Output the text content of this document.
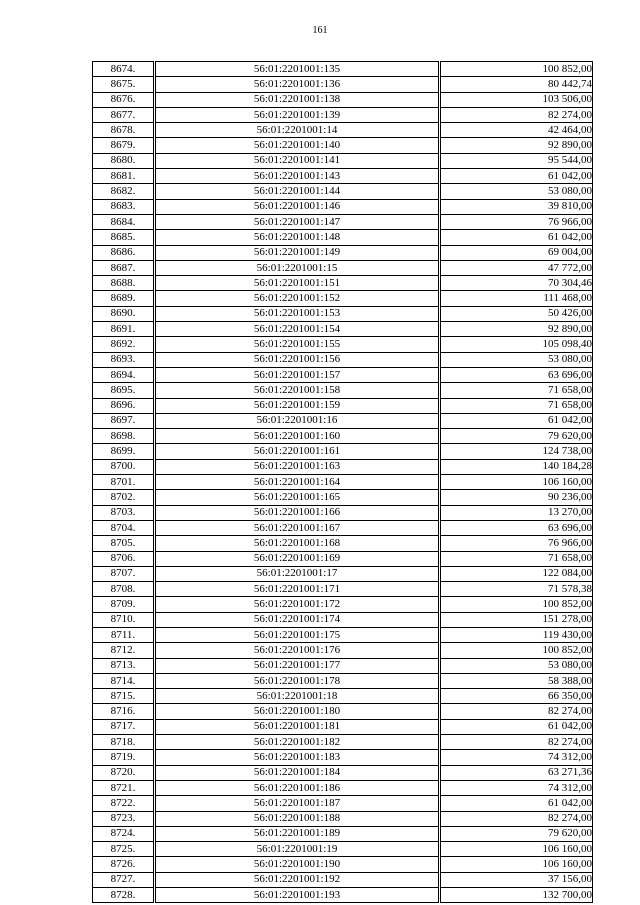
161
8674.		56:01:2201001:135		100 852,00
8675.		56:01:2201001:136		80 442,74
8676.		56:01:2201001:138		103 506,00
8677.		56:01:2201001:139		82 274,00
8678.		56:01:2201001:14		42 464,00
8679.		56:01:2201001:140		92 890,00
8680.		56:01:2201001:141		95 544,00
8681.		56:01:2201001:143		61 042,00
8682.		56:01:2201001:144		53 080,00
8683.		56:01:2201001:146		39 810,00
8684.		56:01:2201001:147		76 966,00
8685.		56:01:2201001:148		61 042,00
8686.		56:01:2201001:149		69 004,00
8687.		56:01:2201001:15		47 772,00
8688.		56:01:2201001:151		70 304,46
8689.		56:01:2201001:152		111 468,00
8690.		56:01:2201001:153		50 426,00
8691.		56:01:2201001:154		92 890,00
8692.		56:01:2201001:155		105 098,40
8693.		56:01:2201001:156		53 080,00
8694.		56:01:2201001:157		63 696,00
8695.		56:01:2201001:158		71 658,00
8696.		56:01:2201001:159		71 658,00
8697.		56:01:2201001:16		61 042,00
8698.		56:01:2201001:160		79 620,00
8699.		56:01:2201001:161		124 738,00
8700.		56:01:2201001:163		140 184,28
8701.		56:01:2201001:164		106 160,00
8702.		56:01:2201001:165		90 236,00
8703.		56:01:2201001:166		13 270,00
8704.		56:01:2201001:167		63 696,00
8705.		56:01:2201001:168		76 966,00
8706.		56:01:2201001:169		71 658,00
8707.		56:01:2201001:17		122 084,00
8708.		56:01:2201001:171		71 578,38
8709.		56:01:2201001:172		100 852,00
8710.		56:01:2201001:174		151 278,00
8711.		56:01:2201001:175		119 430,00
8712.		56:01:2201001:176		100 852,00
8713.		56:01:2201001:177		53 080,00
8714.		56:01:2201001:178		58 388,00
8715.		56:01:2201001:18		66 350,00
8716.		56:01:2201001:180		82 274,00
8717.		56:01:2201001:181		61 042,00
8718.		56:01:2201001:182		82 274,00
8719.		56:01:2201001:183		74 312,00
8720.		56:01:2201001:184		63 271,36
8721.		56:01:2201001:186		74 312,00
8722.		56:01:2201001:187		61 042,00
8723.		56:01:2201001:188		82 274,00
8724.		56:01:2201001:189		79 620,00
8725.		56:01:2201001:19		106 160,00
8726.		56:01:2201001:190		106 160,00
8727.		56:01:2201001:192		37 156,00
8728.		56:01:2201001:193		132 700,00
